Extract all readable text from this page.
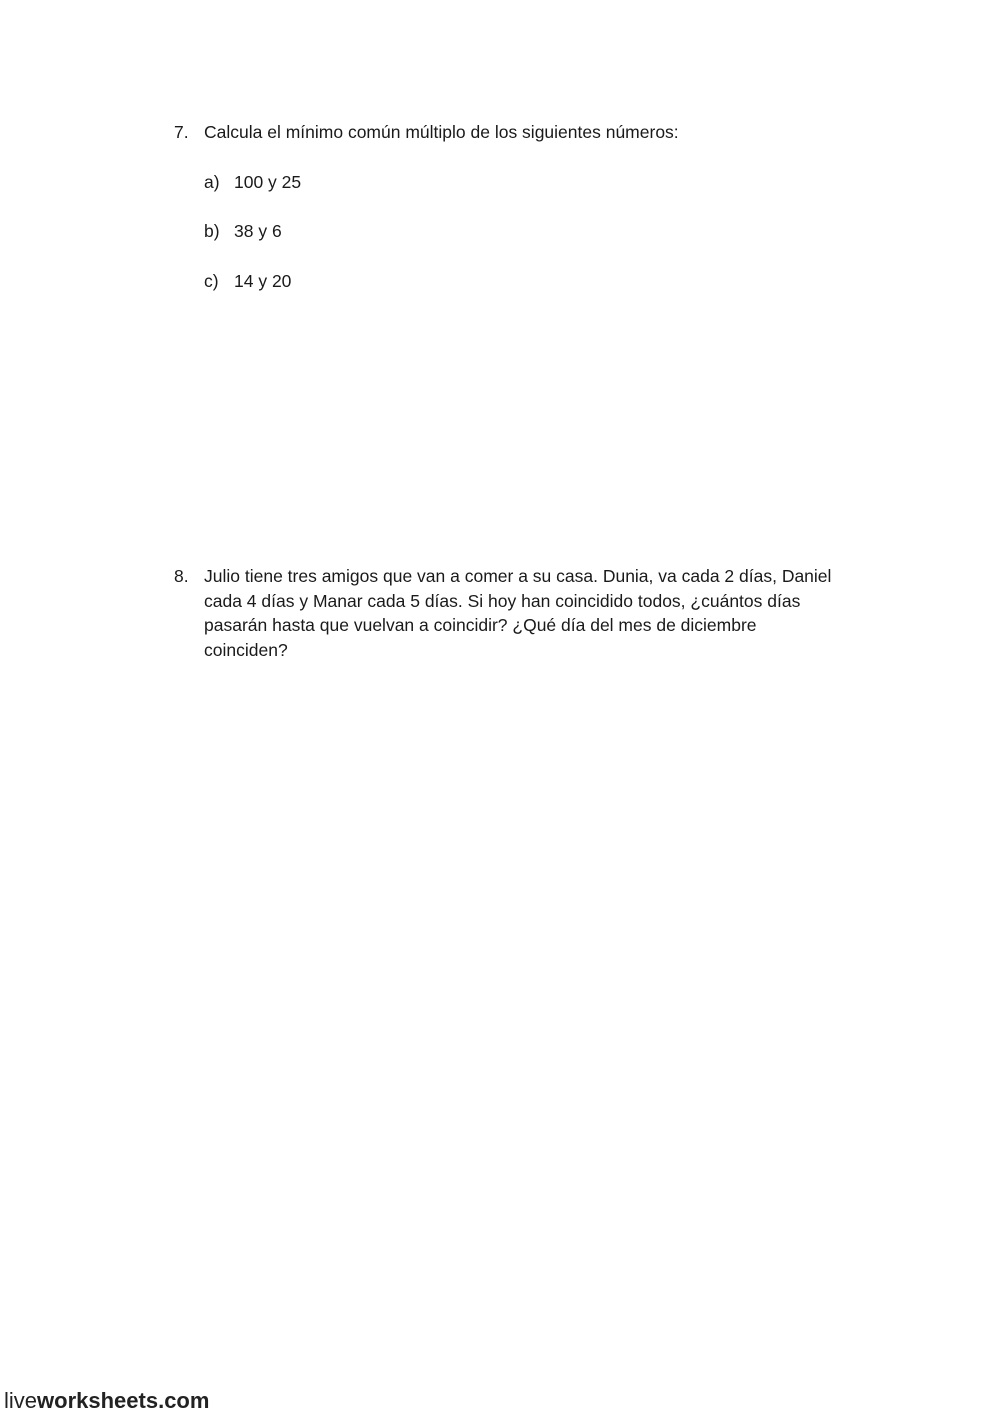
7. Calcula el mínimo común múltiplo de los siguientes números:
a) 100 y 25
b) 38 y 6
c) 14 y 20
8. Julio tiene tres amigos que van a comer a su casa. Dunia, va cada 2 días, Daniel
cada 4 días y Manar cada 5 días. Si hoy han coincidido todos, ¿cuántos días
pasarán hasta que vuelvan a coincidir? ¿Qué día del mes de diciembre
coinciden?
liveworksheets.com
